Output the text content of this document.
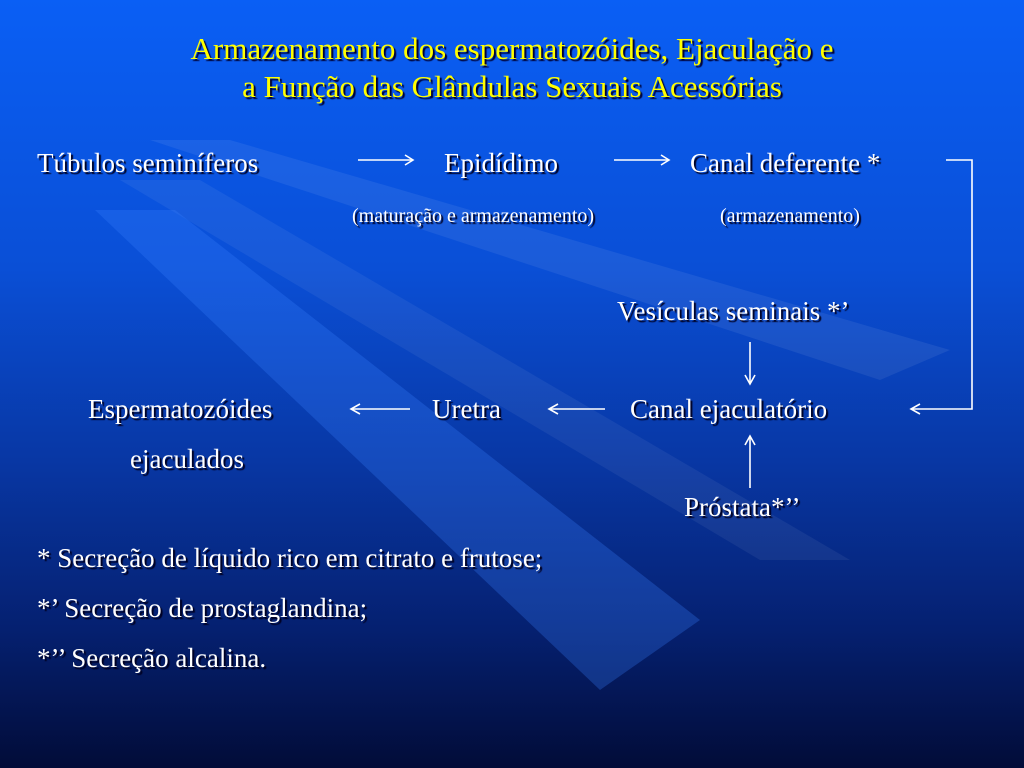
Armazenamento dos espermatozóides, Ejaculação e
a Função das Glândulas Sexuais Acessórias
Túbulos seminíferos	Epidídimo	Canal deferente *
(maturação e armazenamento)	(armazenamento)
Vesículas seminais *’
Canal ejaculatório
Uretra
Espermatozóides
ejaculados
Próstata*’’
* Secreção de líquido rico em citrato e frutose;
*’ Secreção de prostaglandina;
*’’ Secreção alcalina.
